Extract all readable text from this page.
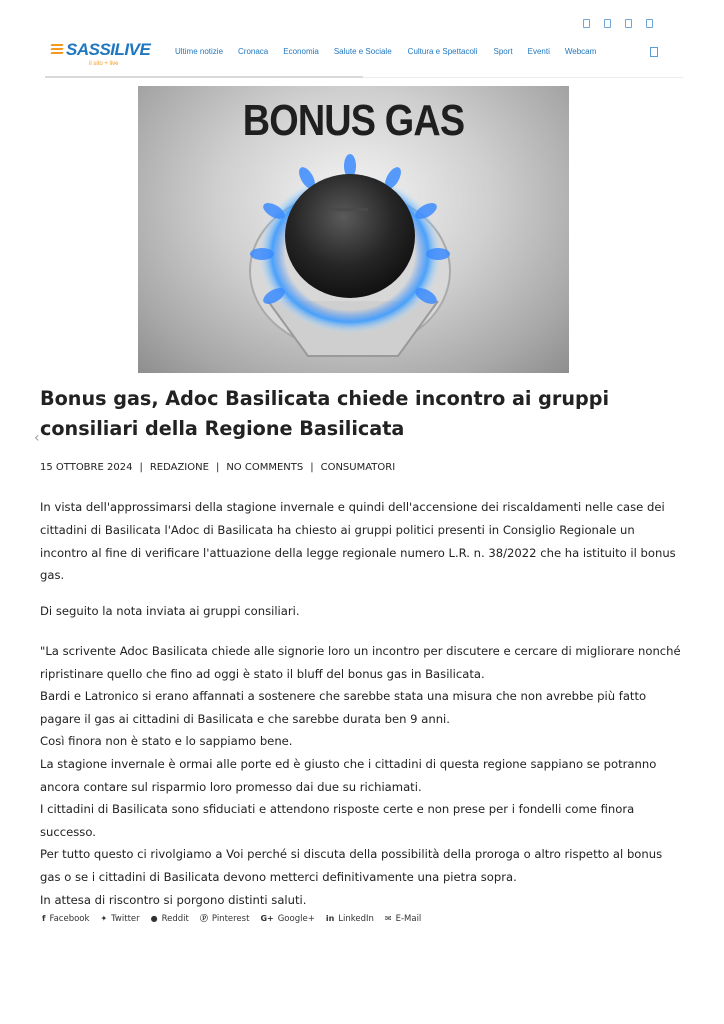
SASSILIVE
il sito + live
Ultime notizie Cronaca Economia Salute e Sociale Cultura e Spettacoli Sport Eventi Webcam
BONUS GAS
Bonus gas, Adoc Basilicata chiede incontro ai gruppi consiliari della Regione Basilicata
‹
15 OTTOBRE 2024 | REDAZIONE | NO COMMENTS | CONSUMATORI

In vista dell'approssimarsi della stagione invernale e quindi dell'accensione dei riscaldamenti nelle case dei cittadini di Basilicata l'Adoc di Basilicata ha chiesto ai gruppi politici presenti in Consiglio Regionale un incontro al fine di verificare l'attuazione della legge regionale numero L.R. n. 38/2022 che ha istituito il bonus gas.

Di seguito la nota inviata ai gruppi consiliari.

"La scrivente Adoc Basilicata chiede alle signorie loro un incontro per discutere e cercare di migliorare nonché ripristinare quello che fino ad oggi è stato il bluff del bonus gas in Basilicata.
Bardi e Latronico si erano affannati a sostenere che sarebbe stata una misura che non avrebbe più fatto pagare il gas ai cittadini di Basilicata e che sarebbe durata ben 9 anni.
Così finora non è stato e lo sappiamo bene.
La stagione invernale è ormai alle porte ed è giusto che i cittadini di questa regione sappiano se potranno ancora contare sul risparmio loro promesso dai due su richiamati.
I cittadini di Basilicata sono sfiduciati e attendono risposte certe e non prese per i fondelli come finora successo.
Per tutto questo ci rivolgiamo a Voi perché si discuta della possibilità della proroga o altro rispetto al bonus gas o se i cittadini di Basilicata devono metterci definitivamente una pietra sopra.
In attesa di riscontro si porgono distinti saluti.
f Facebook ✦ Twitter ● Reddit Ⓟ Pinterest G+ Google+ in LinkedIn ✉ E-Mail
